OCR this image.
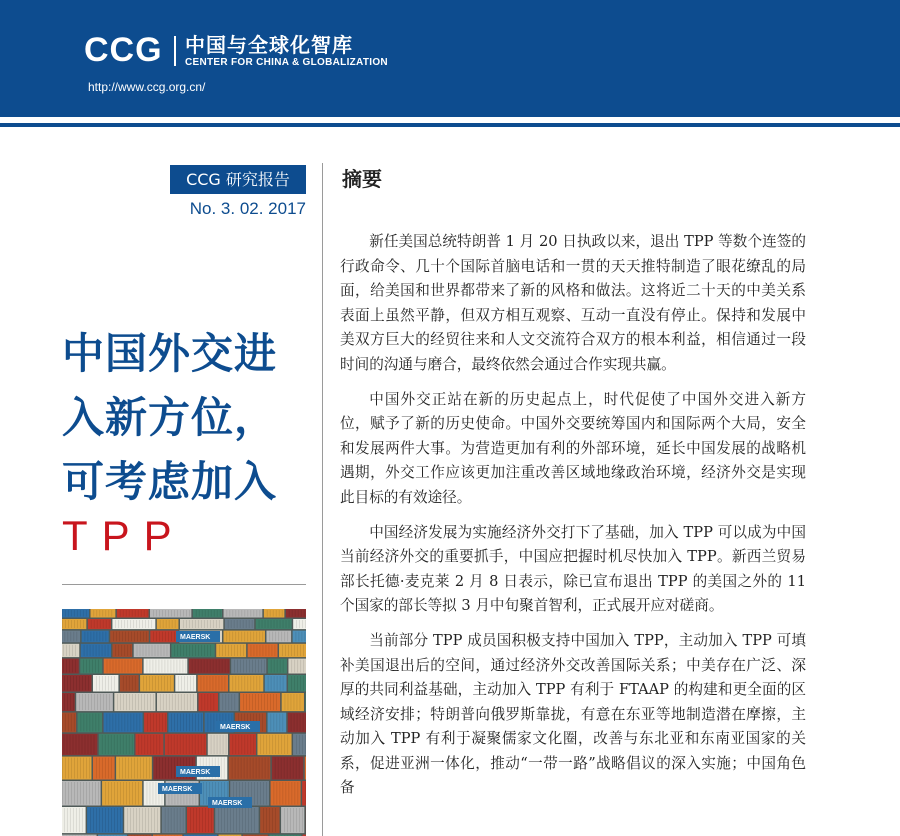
CCG 中国与全球化智库
CENTER FOR CHINA & GLOBALIZATION
http://www.ccg.org.cn/
CCG 研究报告
No. 3. 02. 2017
中国外交进入新方位，可考虑加入
TPP
MAERSK
MAERSK
MAERSK
MAERSK
MAERSK
摘要

新任美国总统特朗普 1 月 20 日执政以来，退出 TPP 等数个连签的行政命令、几十个国际首脑电话和一贯的天天推特制造了眼花缭乱的局面，给美国和世界都带来了新的风格和做法。这将近二十天的中美关系表面上虽然平静，但双方相互观察、互动一直没有停止。保持和发展中美双方巨大的经贸往来和人文交流符合双方的根本利益，相信通过一段时间的沟通与磨合，最终依然会通过合作实现共赢。

中国外交正站在新的历史起点上，时代促使了中国外交进入新方位，赋予了新的历史使命。中国外交要统筹国内和国际两个大局，安全和发展两件大事。为营造更加有利的外部环境，延长中国发展的战略机遇期，外交工作应该更加注重改善区域地缘政治环境，经济外交是实现此目标的有效途径。

中国经济发展为实施经济外交打下了基础，加入 TPP 可以成为中国当前经济外交的重要抓手，中国应把握时机尽快加入 TPP。新西兰贸易部长托德·麦克莱 2 月 8 日表示，除已宣布退出 TPP 的美国之外的 11 个国家的部长等拟 3 月中旬聚首智利，正式展开应对磋商。

当前部分 TPP 成员国积极支持中国加入 TPP，主动加入 TPP 可填补美国退出后的空间，通过经济外交改善国际关系；中美存在广泛、深厚的共同利益基础，主动加入 TPP 有利于 FTAAP 的构建和更全面的区域经济安排；特朗普向俄罗斯靠拢，有意在东亚等地制造潜在摩擦，主动加入 TPP 有利于凝聚儒家文化圈，改善与东北亚和东南亚国家的关系，促进亚洲一体化，推动“一带一路”战略倡议的深入实施；中国角色备
